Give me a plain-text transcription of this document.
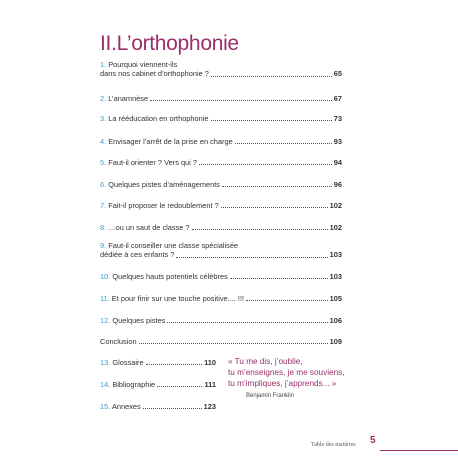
II.L’orthophonie
1. Pourquoi viennent-ils
dans nos cabinet d’orthophonie ?	65
2. L’anamnèse	67
3. La rééducation en orthophonie	73
4. Envisager l’arrêt de la prise en charge	93
5. Faut-il orienter ? Vers qui ?	94
6. Quelques pistes d’aménagements	96
7. Fait-il proposer le redoublement ?	102
8. …ou un saut de classe ?	102
9. Faut-il conseiller une classe spécialisée
dédiée à ces enfants ?	103
10. Quelques hauts potentiels célèbres	103
11. Et pour finir sur une touche positive.... !!!	105
12. Quelques pistes	106
Conclusion	109
13. Glossaire	110
14. Bibliographie	111
15. Annexes	123
« Tu me dis, j’oublie,
tu m’enseignes, je me souviens,
tu m’impliques, j’apprends... »
Benjamin Franklin
Table des matières 5
